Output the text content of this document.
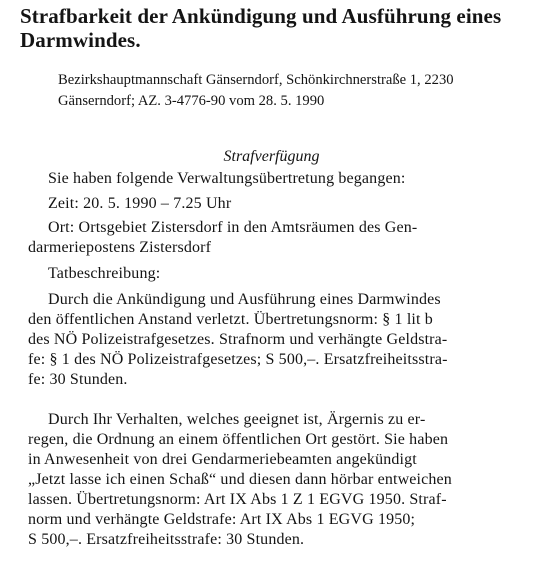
Strafbarkeit der Ankündigung und Ausführung eines
Darmwindes.

Bezirkshauptmannschaft Gänserndorf, Schönkirchnerstraße 1, 2230
Gänserndorf; AZ. 3-4776-90 vom 28. 5. 1990

Strafverfügung

Sie haben folgende Verwaltungsübertretung begangen:

Zeit: 20. 5. 1990 – 7.25 Uhr

Ort: Ortsgebiet Zistersdorf in den Amtsräumen des Gen-
darmeriepostens Zistersdorf

Tatbeschreibung:

Durch die Ankündigung und Ausführung eines Darmwindes
den öffentlichen Anstand verletzt. Übertretungsnorm: § 1 lit b
des NÖ Polizeistrafgesetzes. Strafnorm und verhängte Geldstra-
fe: § 1 des NÖ Polizeistrafgesetzes; S 500,–. Ersatzfreiheitsstra-
fe: 30 Stunden.

Durch Ihr Verhalten, welches geeignet ist, Ärgernis zu er-
regen, die Ordnung an einem öffentlichen Ort gestört. Sie haben
in Anwesenheit von drei Gendarmeriebeamten angekündigt
„Jetzt lasse ich einen Schaß“ und diesen dann hörbar entweichen
lassen. Übertretungsnorm: Art IX Abs 1 Z 1 EGVG 1950. Straf-
norm und verhängte Geldstrafe: Art IX Abs 1 EGVG 1950;
S 500,–. Ersatzfreiheitsstrafe: 30 Stunden.
